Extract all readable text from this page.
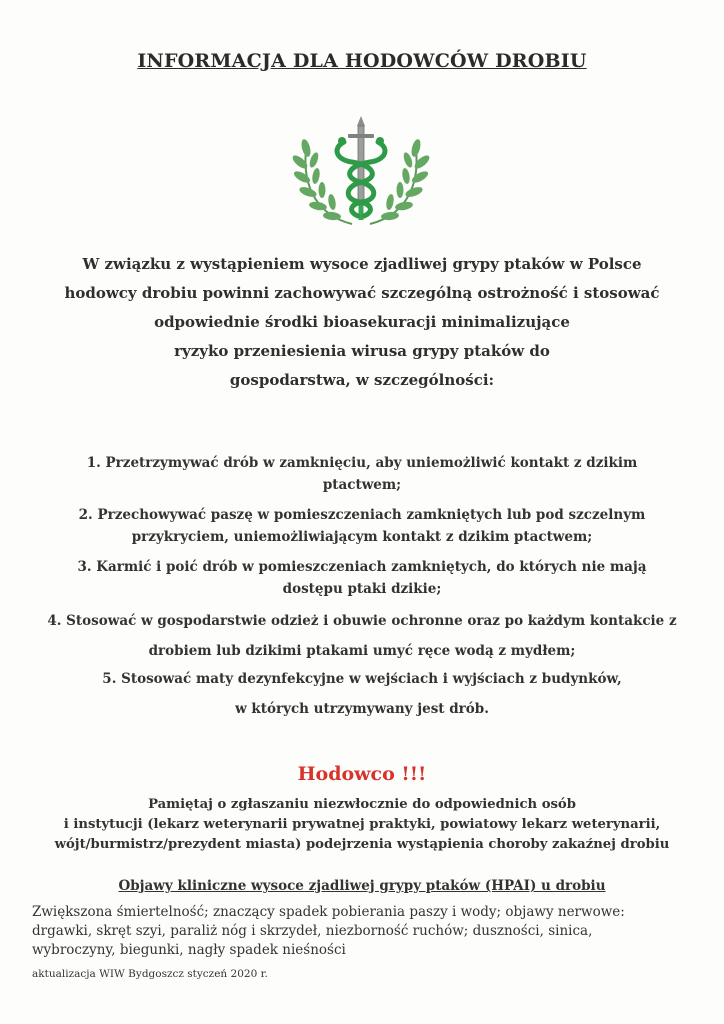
INFORMACJA DLA HODOWCÓW DROBIU
W związku z wystąpieniem wysoce zjadliwej grypy ptaków w Polsce
hodowcy drobiu powinni zachowywać szczególną ostrożność i stosować
odpowiednie środki bioasekuracji minimalizujące
ryzyko przeniesienia wirusa grypy ptaków do
gospodarstwa, w szczególności:
1. Przetrzymywać drób w zamknięciu, aby uniemożliwić kontakt z dzikim
ptactwem;
2. Przechowywać paszę w pomieszczeniach zamkniętych lub pod szczelnym
przykryciem, uniemożliwiającym kontakt z dzikim ptactwem;
3. Karmić i poić drób w pomieszczeniach zamkniętych, do których nie mają
dostępu ptaki dzikie;
4. Stosować w gospodarstwie odzież i obuwie ochronne oraz po każdym kontakcie z
drobiem lub dzikimi ptakami umyć ręce wodą z mydłem;
5. Stosować maty dezynfekcyjne w wejściach i wyjściach z budynków,
w których utrzymywany jest drób.
Hodowco !!!
Pamiętaj o zgłaszaniu niezwłocznie do odpowiednich osób
i instytucji (lekarz weterynarii prywatnej praktyki, powiatowy lekarz weterynarii,
wójt/burmistrz/prezydent miasta) podejrzenia wystąpienia choroby zakaźnej drobiu
Objawy kliniczne wysoce zjadliwej grypy ptaków (HPAI) u drobiu
Zwiększona śmiertelność; znaczący spadek pobierania paszy i wody; objawy nerwowe:
drgawki, skręt szyi, paraliż nóg i skrzydeł, niezborność ruchów; duszności, sinica,
wybroczyny, biegunki, nagły spadek nieśności
aktualizacja WIW Bydgoszcz styczeń 2020 r.
